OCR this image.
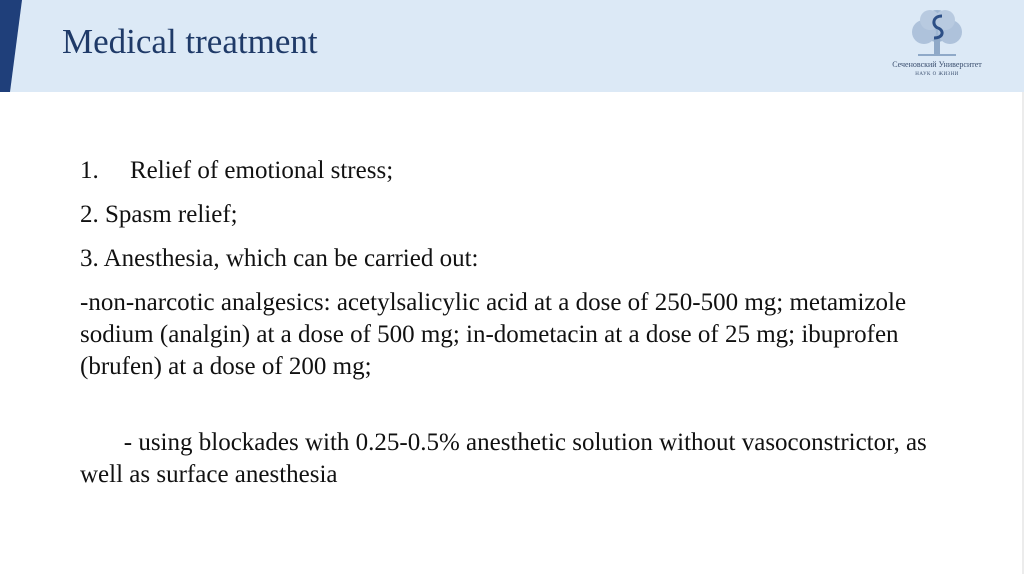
Medical treatment
Сеченовский Университет
НАУК О ЖИЗНИ
1.	Relief of emotional stress;
2. Spasm relief;
3. Anesthesia, which can be carried out:
-non-narcotic analgesics: acetylsalicylic acid at a dose of 250-500 mg; metamizole sodium (analgin) at a dose of 500 mg; in-dometacin at a dose of 25 mg; ibuprofen (brufen) at a dose of 200 mg;

- using blockades with 0.25-0.5% anesthetic solution without vasoconstrictor, as well as surface anesthesia
